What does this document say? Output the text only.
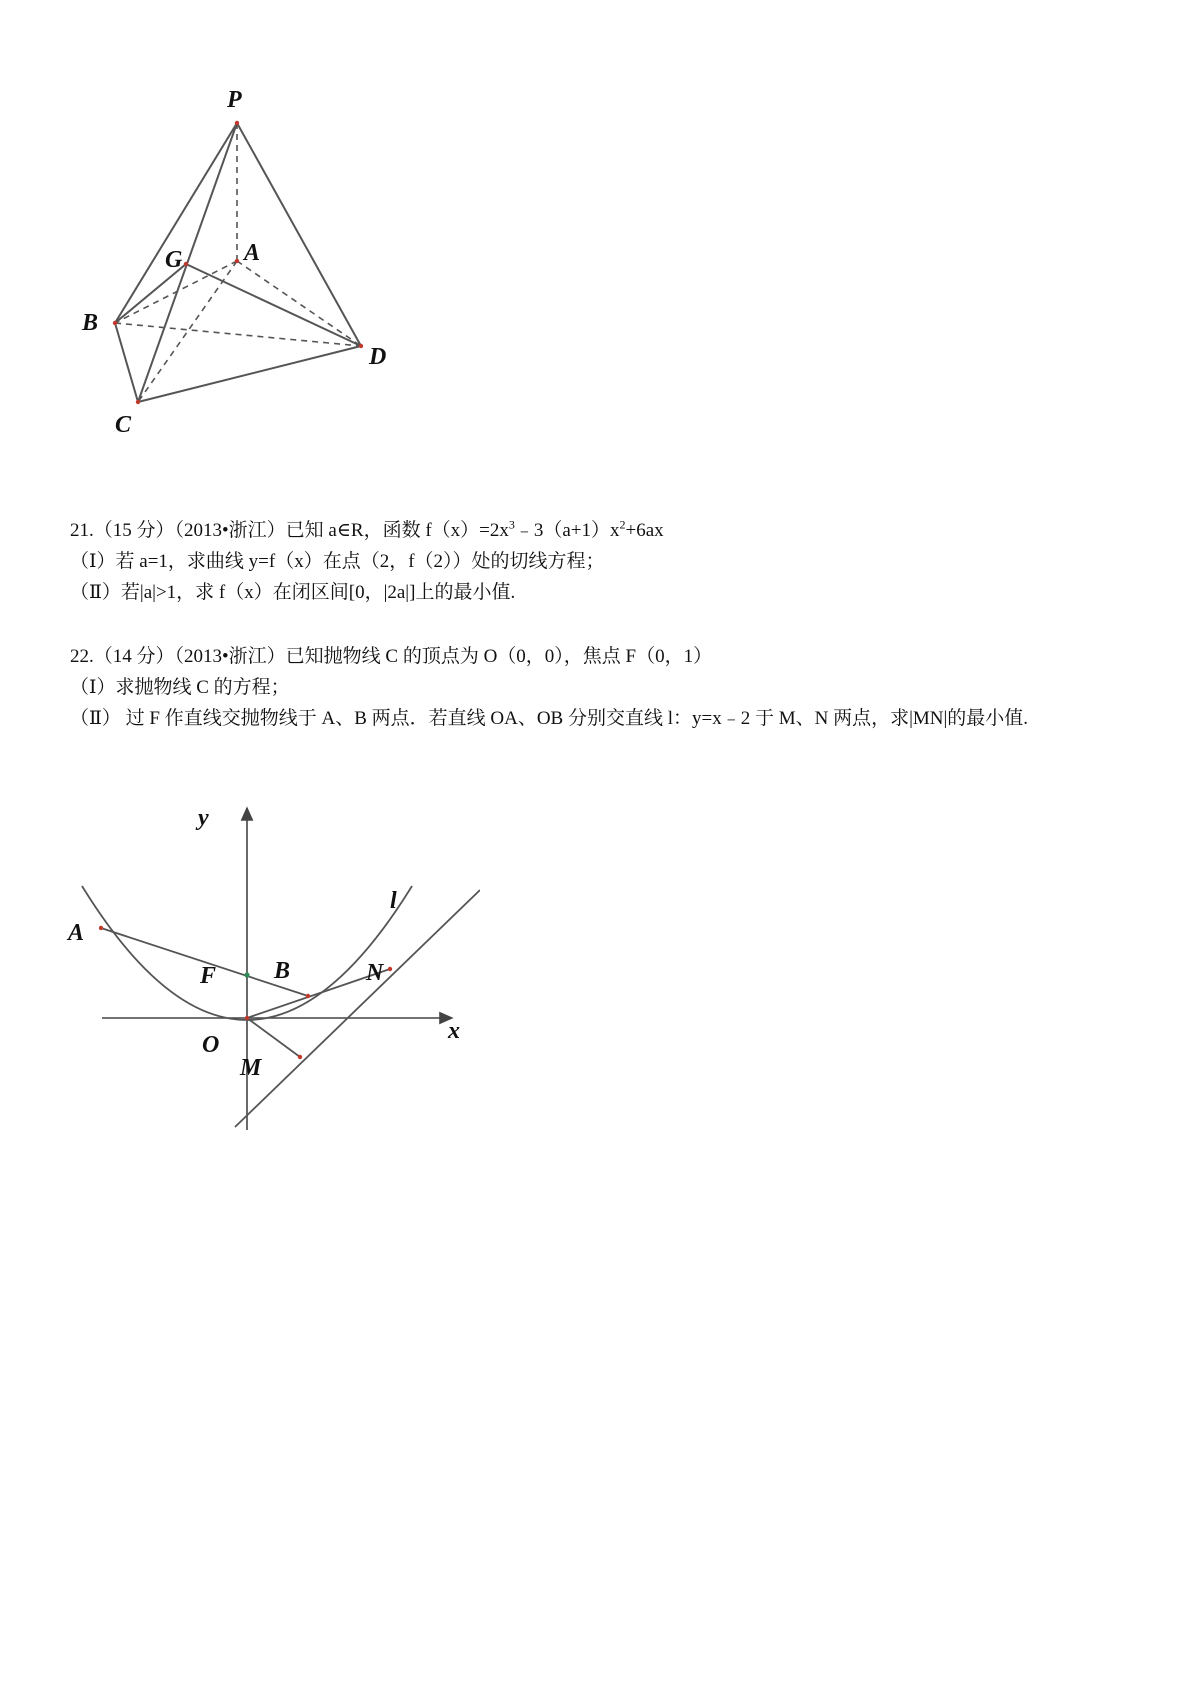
P
A
G
B
C
D
21.（15 分）（2013•浙江）已知 a∈R，函数 $f(x)=2x^3﹣3(a+1)x^2+6ax$
（Ⅰ）若 a=1，求曲线 y=f（x）在点（2，f（2））处的切线方程；
（Ⅱ）若|a|>1，求 f（x）在闭区间[0，|2a|]上的最小值.
22.（14 分）（2013•浙江）已知抛物线 C 的顶点为 O（0，0），焦点 F（0，1）
（Ⅰ）求抛物线 C 的方程；
（Ⅱ） 过 F 作直线交抛物线于 A、B 两点．若直线 OA、OB 分别交直线 l：y=x﹣2 于 M、N 两点，求|MN|的最小值.
y
x
l
A
F B	N
O
M
